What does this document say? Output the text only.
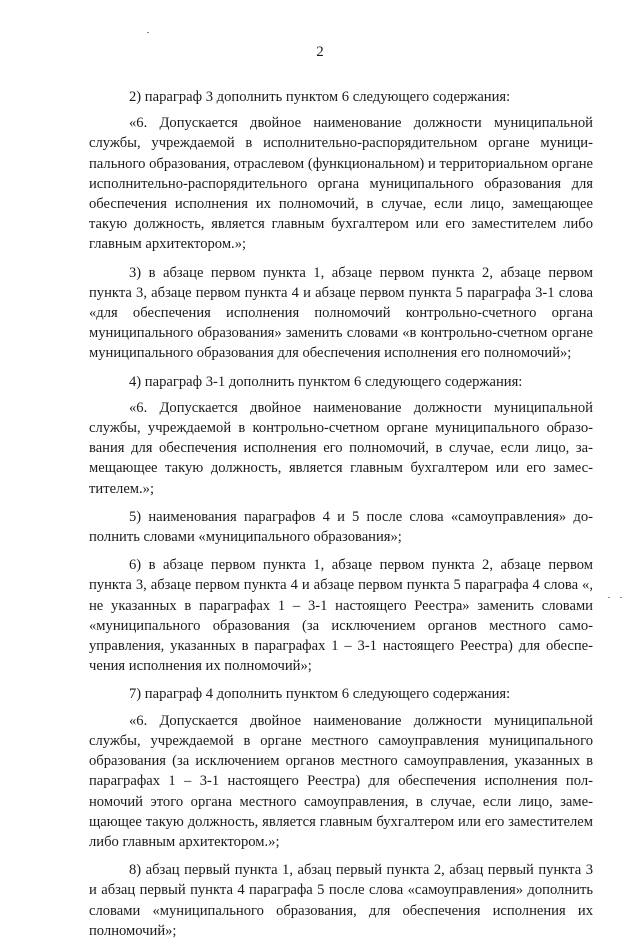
2

2) параграф 3 дополнить пунктом 6 следующего содержания:

«6. Допускается двойное наименование должности муниципальной службы, учреждаемой в исполнительно-распорядительном органе муниципального образования, отраслевом (функциональном) и территориальном органе исполнительно-распорядительного органа муниципального образования для обеспечения исполнения их полномочий, в случае, если лицо, замещающее такую должность, является главным бухгалтером или его заместителем либо главным архитектором.»;

3) в абзаце первом пункта 1, абзаце первом пункта 2, абзаце первом пункта 3, абзаце первом пункта 4 и абзаце первом пункта 5 параграфа 3-1 слова «для обеспечения исполнения полномочий контрольно-счетного органа муниципального образования» заменить словами «в контрольно-счетном органе муниципального образования для обеспечения исполнения его полномочий»;

4) параграф 3-1 дополнить пунктом 6 следующего содержания:

«6. Допускается двойное наименование должности муниципальной службы, учреждаемой в контрольно-счетном органе муниципального образования для обеспечения исполнения его полномочий, в случае, если лицо, замещающее такую должность, является главным бухгалтером или его заместителем.»;

5) наименования параграфов 4 и 5 после слова «самоуправления» дополнить словами «муниципального образования»;

6) в абзаце первом пункта 1, абзаце первом пункта 2, абзаце первом пункта 3, абзаце первом пункта 4 и абзаце первом пункта 5 параграфа 4 слова «, не указанных в параграфах 1 – 3-1 настоящего Реестра» заменить словами «муниципального образования (за исключением органов местного самоуправления, указанных в параграфах 1 – 3-1 настоящего Реестра) для обеспечения исполнения их полномочий»;

7) параграф 4 дополнить пунктом 6 следующего содержания:

«6. Допускается двойное наименование должности муниципальной службы, учреждаемой в органе местного самоуправления муниципального образования (за исключением органов местного самоуправления, указанных в параграфах 1 – 3-1 настоящего Реестра) для обеспечения исполнения полномочий этого органа местного самоуправления, в случае, если лицо, замещающее такую должность, является главным бухгалтером или его заместителем либо главным архитектором.»;

8) абзац первый пункта 1, абзац первый пункта 2, абзац первый пункта 3 и абзац первый пункта 4 параграфа 5 после слова «самоуправления» дополнить словами «муниципального образования, для обеспечения исполнения их полномочий»;
